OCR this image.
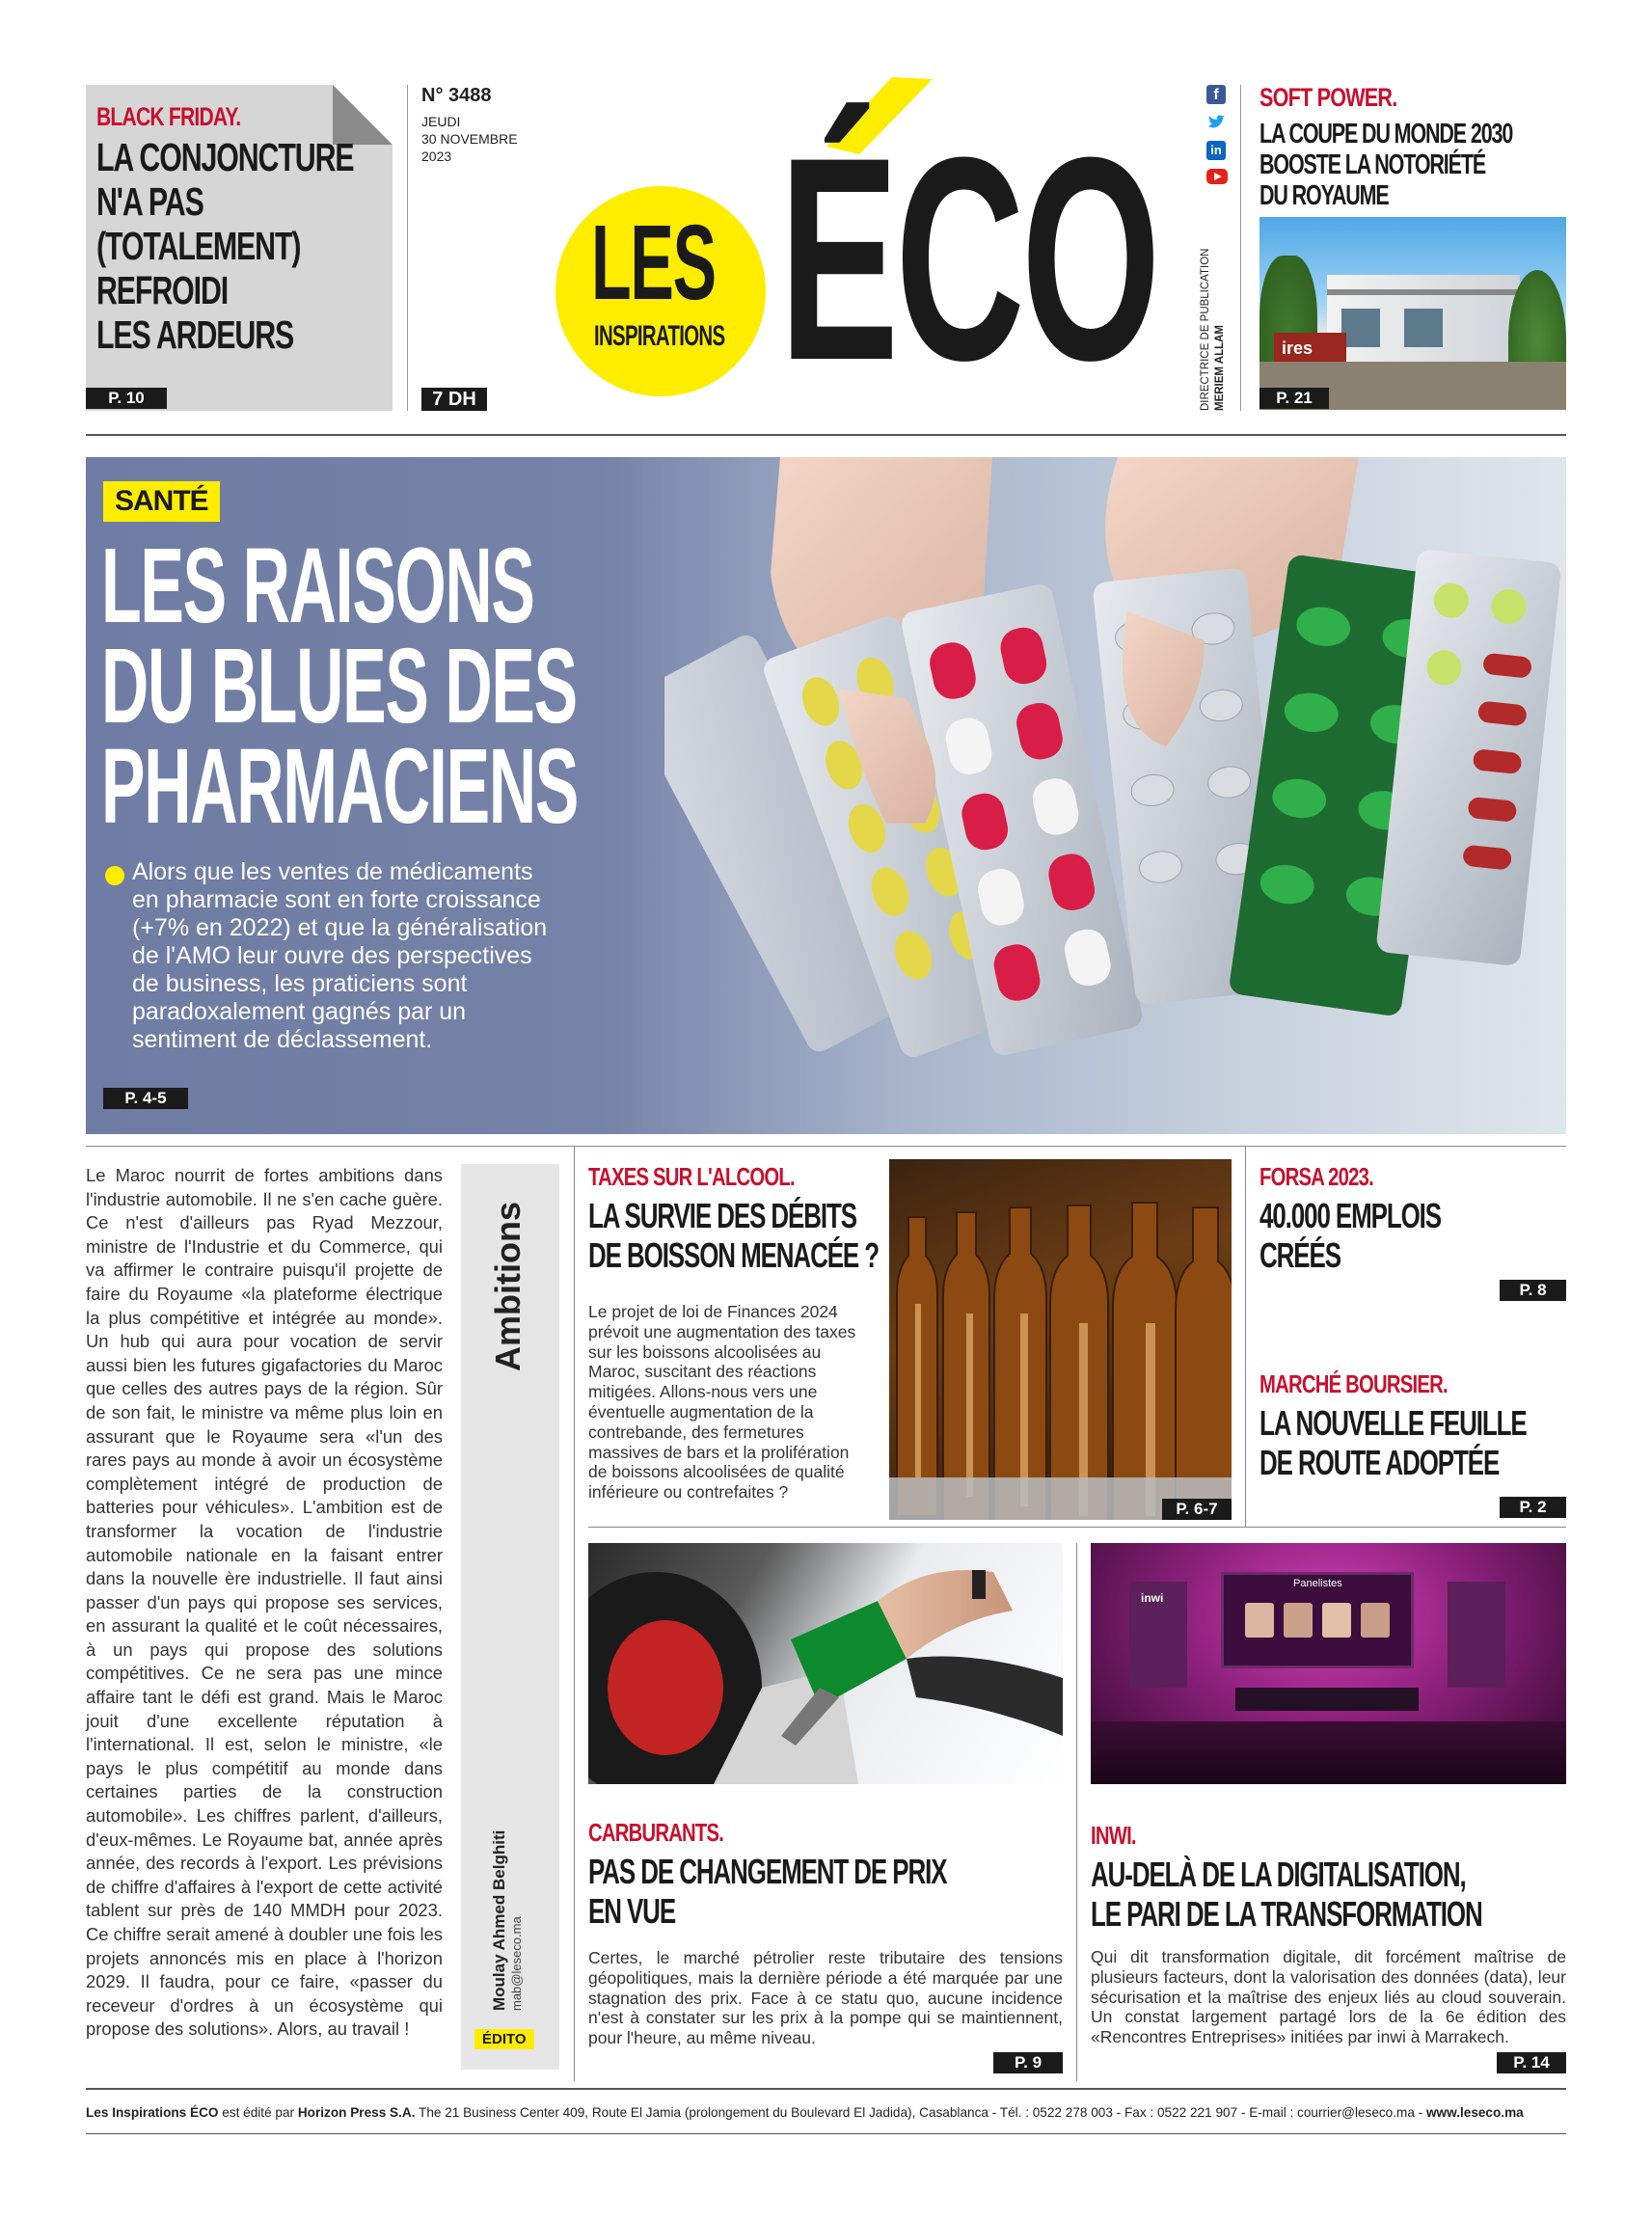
BLACK FRIDAY.
LA CONJONCTURE
N'A PAS
(TOTALEMENT)
REFROIDI
LES ARDEURS
P. 10
N° 3488
JEUDI
30 NOVEMBRE
2023
7 DH
LES
INSPIRATIONS ÉCO
f
in
DIRECTRICE DE PUBLICATION MERIEM ALLAM
SOFT POWER.
LA COUPE DU MONDE 2030
BOOSTE LA NOTORIÉTÉ
DU ROYAUME
ires
P. 21
SANTÉ
LES RAISONS
DU BLUES DES
PHARMACIENS
Alors que les ventes de médicaments
en pharmacie sont en forte croissance
(+7% en 2022) et que la généralisation
de l'AMO leur ouvre des perspectives
de business, les praticiens sont
paradoxalement gagnés par un
sentiment de déclassement.
P. 4-5
Le Maroc nourrit de fortes ambitions dans l'industrie automobile. Il ne s'en cache guère. Ce n'est d'ailleurs pas Ryad Mezzour, ministre de l'Industrie et du Commerce, qui va affirmer le contraire puisqu'il projette de faire du Royaume «la plateforme électrique la plus compétitive et intégrée au monde». Un hub qui aura pour vocation de servir aussi bien les futures gigafactories du Maroc que celles des autres pays de la région. Sûr de son fait, le ministre va même plus loin en assurant que le Royaume sera «l'un des rares pays au monde à avoir un écosystème complètement intégré de production de batteries pour véhicules». L'ambition est de transformer la vocation de l'industrie automobile nationale en la faisant entrer dans la nouvelle ère industrielle. Il faut ainsi passer d'un pays qui propose ses services, en assurant la qualité et le coût nécessaires, à un pays qui propose des solutions compétitives. Ce ne sera pas une mince affaire tant le défi est grand. Mais le Maroc jouit d'une excellente réputation à l'international. Il est, selon le ministre, «le pays le plus compétitif au monde dans certaines parties de la construction automobile». Les chiffres parlent, d'ailleurs, d'eux-mêmes. Le Royaume bat, année après année, des records à l'export. Les prévisions de chiffre d'affaires à l'export de cette activité tablent sur près de 140 MMDH pour 2023. Ce chiffre serait amené à doubler une fois les projets annoncés mis en place à l'horizon 2029. Il faudra, pour ce faire, «passer du receveur d'ordres à un écosystème qui propose des solutions». Alors, au travail !
Ambitions
Moulay Ahmed Belghiti mab@leseco.ma
ÉDITO
TAXES SUR L'ALCOOL.
LA SURVIE DES DÉBITS
DE BOISSON MENACÉE ?
Le projet de loi de Finances 2024 prévoit une augmentation des taxes sur les boissons alcoolisées au Maroc, suscitant des réactions mitigées. Allons-nous vers une éventuelle augmentation de la contrebande, des fermetures massives de bars et la prolifération de boissons alcoolisées de qualité inférieure ou contrefaites ?
P. 6-7
FORSA 2023.
40.000 EMPLOIS
CRÉÉS
P. 8
MARCHÉ BOURSIER.
LA NOUVELLE FEUILLE
DE ROUTE ADOPTÉE
P. 2
CARBURANTS.
PAS DE CHANGEMENT DE PRIX
EN VUE
Certes, le marché pétrolier reste tributaire des tensions géopolitiques, mais la dernière période a été marquée par une stagnation des prix. Face à ce statu quo, aucune incidence n'est à constater sur les prix à la pompe qui se maintiennent, pour l'heure, au même niveau.
P. 9
Panelistes
inwi
INWI.
AU-DELÀ DE LA DIGITALISATION,
LE PARI DE LA TRANSFORMATION
Qui dit transformation digitale, dit forcément maîtrise de plusieurs facteurs, dont la valorisation des données (data), leur sécurisation et la maîtrise des enjeux liés au cloud souverain. Un constat largement partagé lors de la 6e édition des «Rencontres Entreprises» initiées par inwi à Marrakech.
P. 14
Les Inspirations ÉCO est édité par Horizon Press S.A. The 21 Business Center 409, Route El Jamia (prolongement du Boulevard El Jadida), Casablanca - Tél. : 0522 278 003 - Fax : 0522 221 907 - E-mail : courrier@leseco.ma - www.leseco.ma
